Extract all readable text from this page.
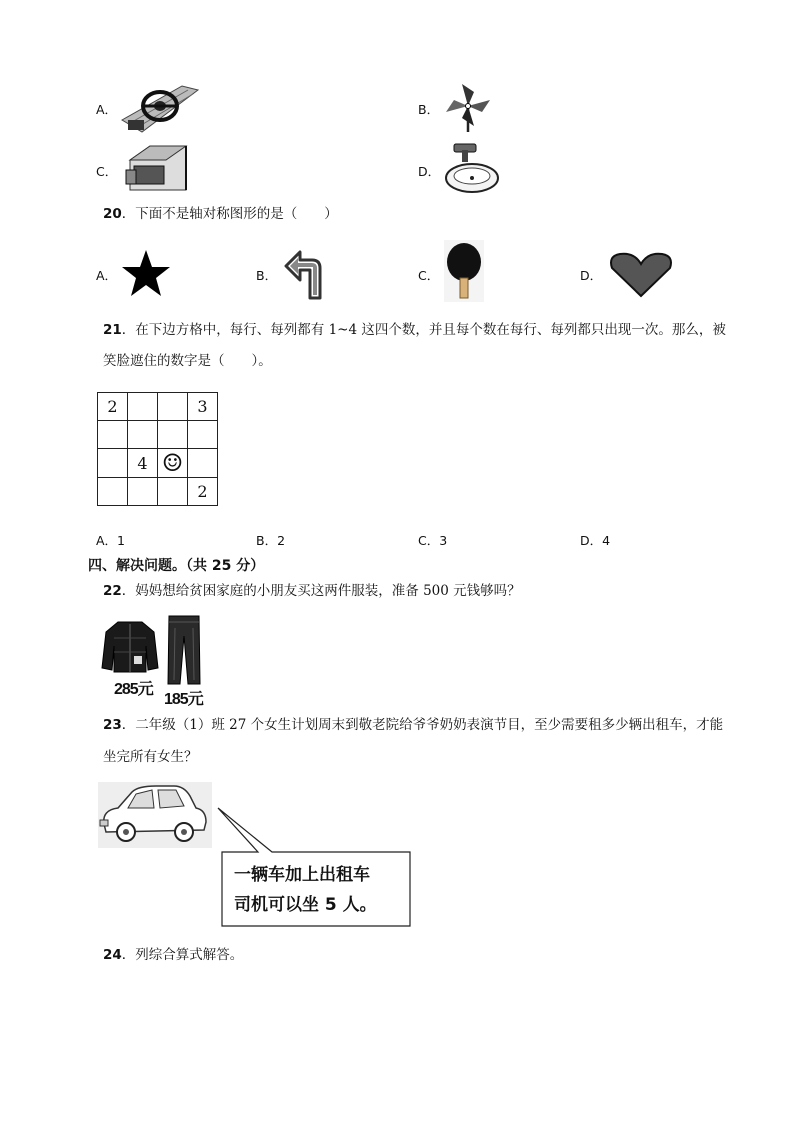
A．	B．
C．	D．
20．下面不是轴对称图形的是（　　）
A．	B．	C．	D．
21．在下边方格中，每行、每列都有 1~4 这四个数，并且每个数在每行、每列都只出现一次。那么，被
笑脸遮住的数字是（　　）。
2			3

	4	☺	
			2
A．1	B．2	C．3	D．4
四、解决问题。（共 25 分）
22．妈妈想给贫困家庭的小朋友买这两件服装，准备 500 元钱够吗？
285元
185元
23．二年级（1）班 27 个女生计划周末到敬老院给爷爷奶奶表演节目，至少需要租多少辆出租车，才能
坐完所有女生？
一辆车加上出租车
司机可以坐 5 人。
24．列综合算式解答。
